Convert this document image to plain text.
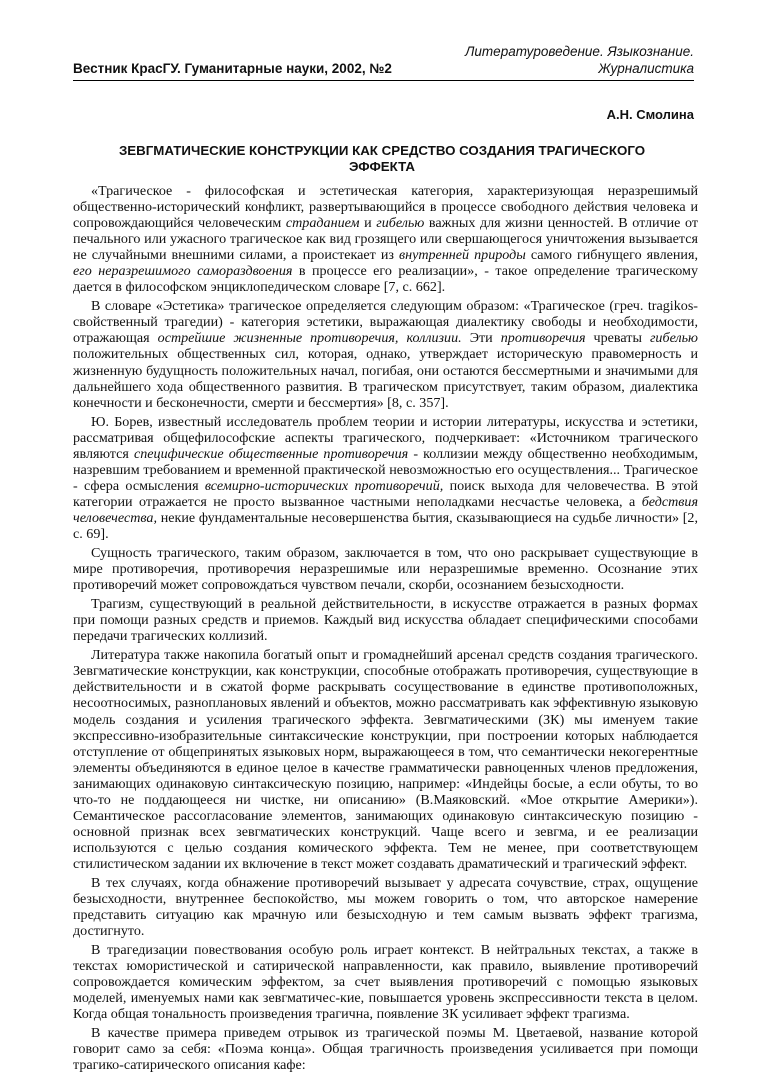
Вестник КрасГУ. Гуманитарные науки, 2002, №2
Литературоведение. Языкознание.
Журналистика
А.Н. Смолина
ЗЕВГМАТИЧЕСКИЕ КОНСТРУКЦИИ КАК СРЕДСТВО СОЗДАНИЯ ТРАГИЧЕСКОГО
ЭФФЕКТА

«Трагическое - философская и эстетическая категория, характеризующая неразрешимый общественно-исторический конфликт, развертывающийся в процессе свободного действия человека и сопровождающийся человеческим страданием и гибелью важных для жизни ценностей. В отличие от печального или ужасного трагическое как вид грозящего или свершающегося уничтожения вызывается не случайными внешними силами, а проистекает из внутренней природы самого гибнущего явления, его неразрешимого самораздвоения в процессе его реализации», - такое определение трагическому дается в философском энциклопедическом словаре [7, с. 662].

В словаре «Эстетика» трагическое определяется следующим образом: «Трагическое (греч. tragikos-свойственный трагедии) - категория эстетики, выражающая диалектику свободы и необходимости, отражающая острейшие жизненные противоречия, коллизии. Эти противоречия чреваты гибелью положительных общественных сил, которая, однако, утверждает историческую правомерность и жизненную будущность положительных начал, погибая, они остаются бессмертными и значимыми для дальнейшего хода общественного развития. В трагическом присутствует, таким образом, диалектика конечности и бесконечности, смерти и бессмертия» [8, с. 357].

Ю. Борев, известный исследователь проблем теории и истории литературы, искусства и эстетики, рассматривая общефилософские аспекты трагического, подчеркивает: «Источником трагического являются специфические общественные противоречия - коллизии между общественно необходимым, назревшим требованием и временной практической невозможностью его осуществления... Трагическое - сфера осмысления всемирно-исторических противоречий, поиск выхода для человечества. В этой категории отражается не просто вызванное частными неполадками несчастье человека, а бедствия человечества, некие фундаментальные несовершенства бытия, сказывающиеся на судьбе личности» [2, с. 69].

Сущность трагического, таким образом, заключается в том, что оно раскрывает существующие в мире противоречия, противоречия неразрешимые или неразрешимые временно. Осознание этих противоречий может сопровождаться чувством печали, скорби, осознанием безысходности.

Трагизм, существующий в реальной действительности, в искусстве отражается в разных формах при помощи разных средств и приемов. Каждый вид искусства обладает специфическими способами передачи трагических коллизий.

Литература также накопила богатый опыт и громаднейший арсенал средств создания трагического. Зевгматические конструкции, как конструкции, способные отображать противоречия, существующие в действительности и в сжатой форме раскрывать сосуществование в единстве противоположных, несоотносимых, разноплановых явлений и объектов, можно рассматривать как эффективную языковую модель создания и усиления трагического эффекта. Зевгматическими (ЗК) мы именуем такие экспрессивно-изобразительные синтаксические конструкции, при построении которых наблюдается отступление от общепринятых языковых норм, выражающееся в том, что семантически некогерентные элементы объединяются в единое целое в качестве грамматически равноценных членов предложения, занимающих одинаковую синтаксическую позицию, например: «Индейцы босые, а если обуты, то во что-то не поддающееся ни чистке, ни описанию» (В.Маяковский. «Мое открытие Америки»). Семантическое рассогласование элементов, занимающих одинаковую синтаксическую позицию - основной признак всех зевгматических конструкций. Чаще всего и зевгма, и ее реализации используются с целью создания комического эффекта. Тем не менее, при соответствующем стилистическом задании их включение в текст может создавать драматический и трагический эффект.

В тех случаях, когда обнажение противоречий вызывает у адресата сочувствие, страх, ощущение безысходности, внутреннее беспокойство, мы можем говорить о том, что авторское намерение представить ситуацию как мрачную или безысходную и тем самым вызвать эффект трагизма, достигнуто.

В трагедизации повествования особую роль играет контекст. В нейтральных текстах, а также в текстах юмористической и сатирической направленности, как правило, выявление противоречий сопровождается комическим эффектом, за счет выявления противоречий с помощью языковых моделей, именуемых нами как зевгматичес-кие, повышается уровень экспрессивности текста в целом. Когда общая тональность произведения трагична, появление ЗК усиливает эффект трагизма.

В качестве примера приведем отрывок из трагической поэмы М. Цветаевой, название которой говорит само за себя: «Поэма конца». Общая трагичность произведения усиливается при помощи трагико-сатирического описания кафе:
